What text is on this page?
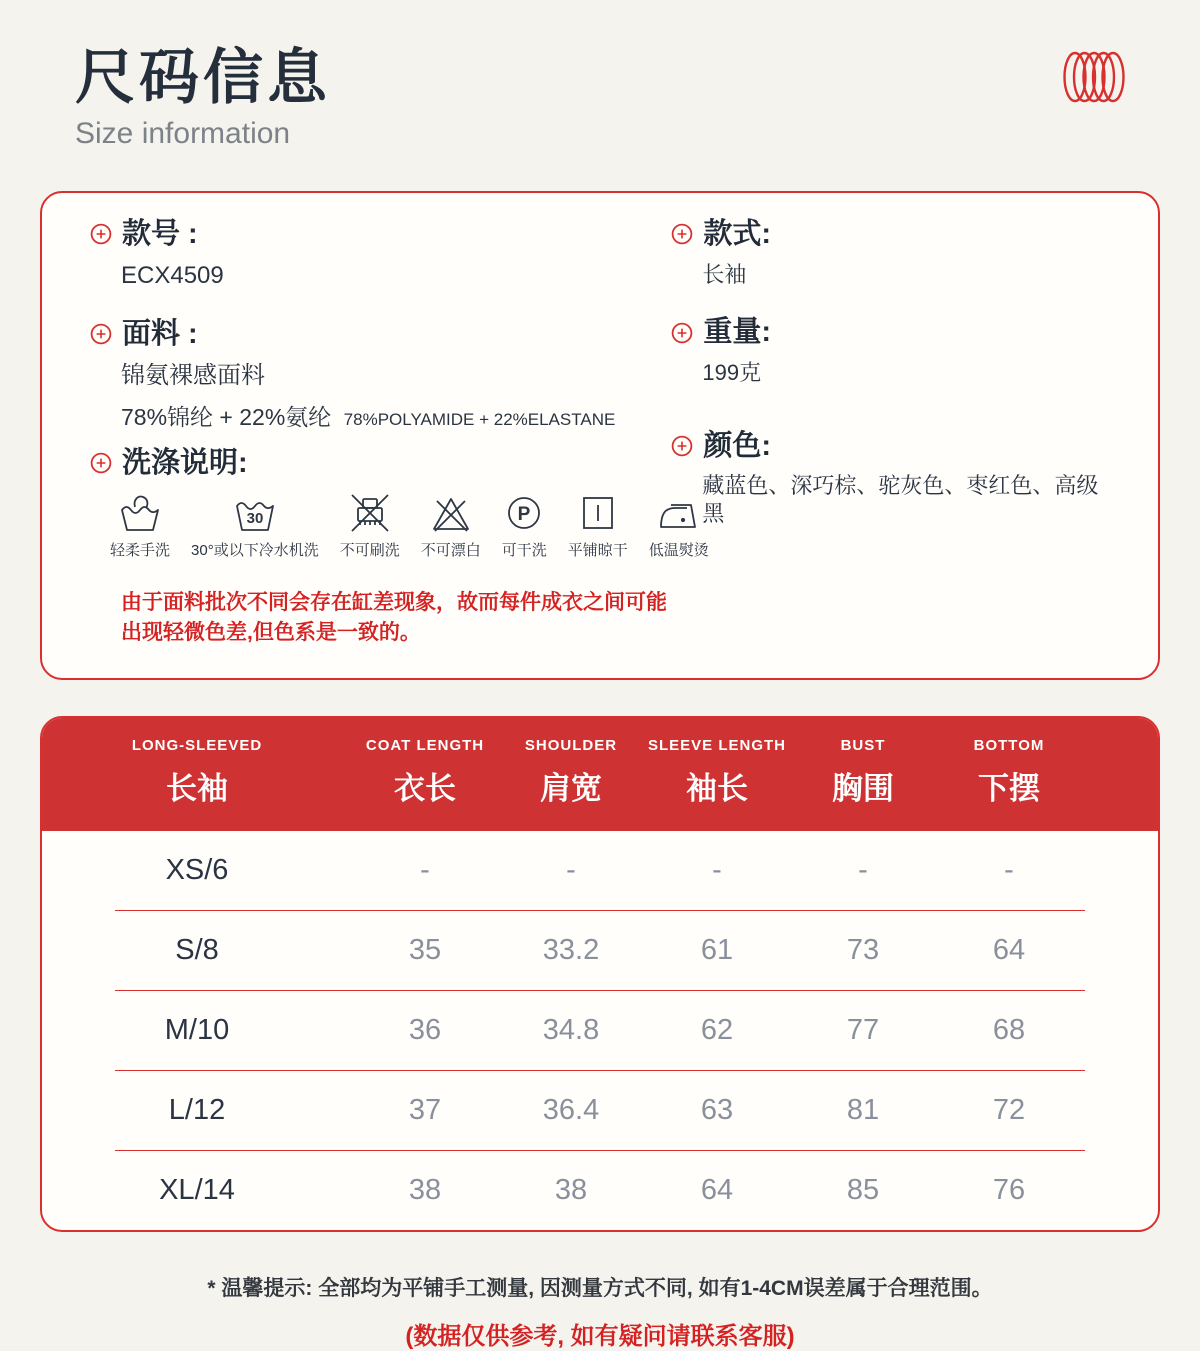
尺码信息
Size information
款号 :
ECX4509
面料 :
锦氨裸感面料
78%锦纶 + 22%氨纶 78%POLYAMIDE + 22%ELASTANE
洗涤说明:
轻柔手洗
30
30°或以下冷水机洗 不可刷洗 不可漂白
P
可干洗 平铺晾干 低温熨烫
由于面料批次不同会存在缸差现象，故而每件成衣之间可能出现轻微色差,但色系是一致的。
款式:
长袖
重量:
199克
颜色:
藏蓝色、深巧棕、驼灰色、枣红色、高级黑
LONG-SLEEVED
长袖
COAT LENGTH
衣长
SHOULDER
肩宽
SLEEVE LENGTH
袖长
BUST
胸围
BOTTOM
下摆
XS/6	-	-	-	-	-
S/8	35	33.2	61	73	64
M/10	36	34.8	62	77	68
L/12	37	36.4	63	81	72
XL/14	38	38	64	85	76
* 温馨提示: 全部均为平铺手工测量, 因测量方式不同, 如有1-4CM误差属于合理范围。
(数据仅供参考, 如有疑问请联系客服)
